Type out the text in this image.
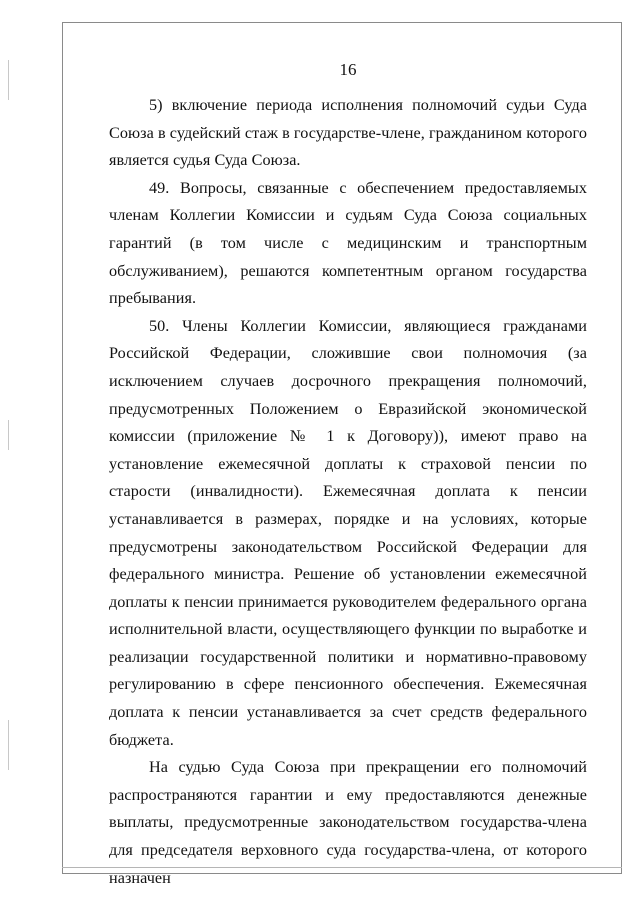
16

5) включение периода исполнения полномочий судьи Суда Союза в судейский стаж в государстве-члене, гражданином которого является судья Суда Союза.

49. Вопросы, связанные с обеспечением предоставляемых членам Коллегии Комиссии и судьям Суда Союза социальных гарантий (в том числе с медицинским и транспортным обслуживанием), решаются компетентным органом государства пребывания.

50. Члены Коллегии Комиссии, являющиеся гражданами Российской Федерации, сложившие свои полномочия (за исключением случаев досрочного прекращения полномочий, предусмотренных Положением о Евразийской экономической комиссии (приложение № 1 к Договору)), имеют право на установление ежемесячной доплаты к страховой пенсии по старости (инвалидности). Ежемесячная доплата к пенсии устанавливается в размерах, порядке и на условиях, которые предусмотрены законодательством Российской Федерации для федерального министра. Решение об установлении ежемесячной доплаты к пенсии принимается руководителем федерального органа исполнительной власти, осуществляющего функции по выработке и реализации государственной политики и нормативно-правовому регулированию в сфере пенсионного обеспечения. Ежемесячная доплата к пенсии устанавливается за счет средств федерального бюджета.

На судью Суда Союза при прекращении его полномочий распространяются гарантии и ему предоставляются денежные выплаты, предусмотренные законодательством государства-члена для председателя верховного суда государства-члена, от которого назначен
